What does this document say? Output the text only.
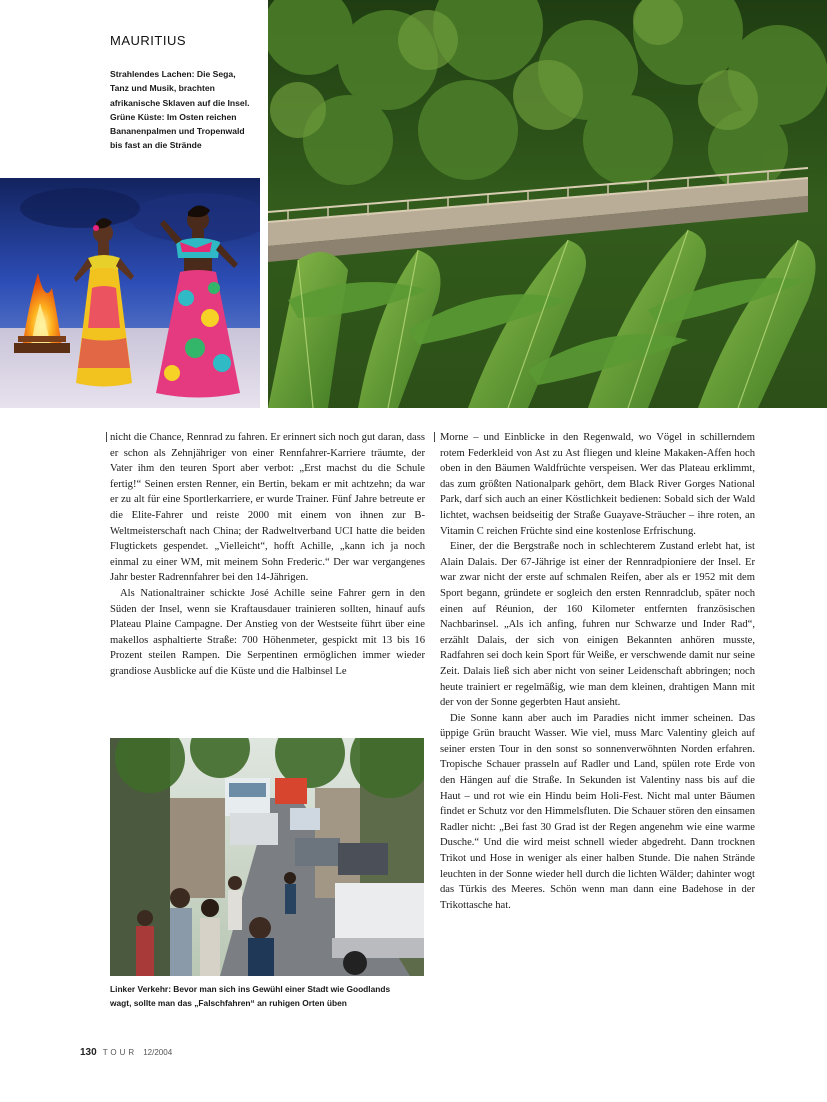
MAURITIUS
Strahlendes Lachen: Die Sega,
Tanz und Musik, brachten
afrikanische Sklaven auf die Insel.
Grüne Küste: Im Osten reichen
Bananenpalmen und Tropenwald
bis fast an die Strände

nicht die Chance, Rennrad zu fahren. Er erinnert sich noch gut daran, dass er schon als Zehnjähriger von einer Rennfahrer-Karriere träumte, der Vater ihm den teuren Sport aber verbot: „Erst machst du die Schule fertig!“ Seinen ersten Renner, ein Bertin, bekam er mit achtzehn; da war er zu alt für eine Sportlerkarriere, er wurde Trainer. Fünf Jahre betreute er die Elite-Fahrer und reiste 2000 mit einem von ihnen zur B-Weltmeisterschaft nach China; der Radweltverband UCI hatte die beiden Flugtickets gespendet. „Vielleicht“, hofft Achille, „kann ich ja noch einmal zu einer WM, mit meinem Sohn Frederic.“ Der war vergangenes Jahr bester Radrennfahrer bei den 14-Jährigen.

Als Nationaltrainer schickte José Achille seine Fahrer gern in den Süden der Insel, wenn sie Kraftausdauer trainieren sollten, hinauf aufs Plateau Plaine Campagne. Der Anstieg von der Westseite führt über eine makellos asphaltierte Straße: 700 Höhenmeter, gespickt mit 13 bis 16 Prozent steilen Rampen. Die Serpentinen ermöglichen immer wieder grandiose Ausblicke auf die Küste und die Halbinsel Le

Linker Verkehr: Bevor man sich ins Gewühl einer Stadt wie Goodlands
wagt, sollte man das „Falschfahren“ an ruhigen Orten üben

Morne – und Einblicke in den Regenwald, wo Vögel in schillerndem rotem Federkleid von Ast zu Ast fliegen und kleine Makaken-Affen hoch oben in den Bäumen Waldfrüchte verspeisen. Wer das Plateau erklimmt, das zum größten Nationalpark gehört, dem Black River Gorges National Park, darf sich auch an einer Köstlichkeit bedienen: Sobald sich der Wald lichtet, wachsen beidseitig der Straße Guayave-Sträucher – ihre roten, an Vitamin C reichen Früchte sind eine kostenlose Erfrischung.

Einer, der die Bergstraße noch in schlechterem Zustand erlebt hat, ist Alain Dalais. Der 67-Jährige ist einer der Rennradpioniere der Insel. Er war zwar nicht der erste auf schmalen Reifen, aber als er 1952 mit dem Sport begann, gründete er sogleich den ersten Rennradclub, später noch einen auf Réunion, der 160 Kilometer entfernten französischen Nachbarinsel. „Als ich anfing, fuhren nur Schwarze und Inder Rad“, erzählt Dalais, der sich von einigen Bekannten anhören musste, Radfahren sei doch kein Sport für Weiße, er verschwende damit nur seine Zeit. Dalais ließ sich aber nicht von seiner Leidenschaft abbringen; noch heute trainiert er regelmäßig, wie man dem kleinen, drahtigen Mann mit der von der Sonne gegerbten Haut ansieht.

Die Sonne kann aber auch im Paradies nicht immer scheinen. Das üppige Grün braucht Wasser. Wie viel, muss Marc Valentiny gleich auf seiner ersten Tour in den sonst so sonnenverwöhnten Norden erfahren. Tropische Schauer prasseln auf Radler und Land, spülen rote Erde von den Hängen auf die Straße. In Sekunden ist Valentiny nass bis auf die Haut – und rot wie ein Hindu beim Holi-Fest. Nicht mal unter Bäumen findet er Schutz vor den Himmelsfluten. Die Schauer stören den einsamen Radler nicht: „Bei fast 30 Grad ist der Regen angenehm wie eine warme Dusche.“ Und die wird meist schnell wieder abgedreht. Dann trocknen Trikot und Hose in weniger als einer halben Stunde. Die nahen Strände leuchten in der Sonne wieder hell durch die lichten Wälder; dahinter wogt das Türkis des Meeres. Schön wenn man dann eine Badehose in der Trikottasche hat.

130 TOUR 12/2004
